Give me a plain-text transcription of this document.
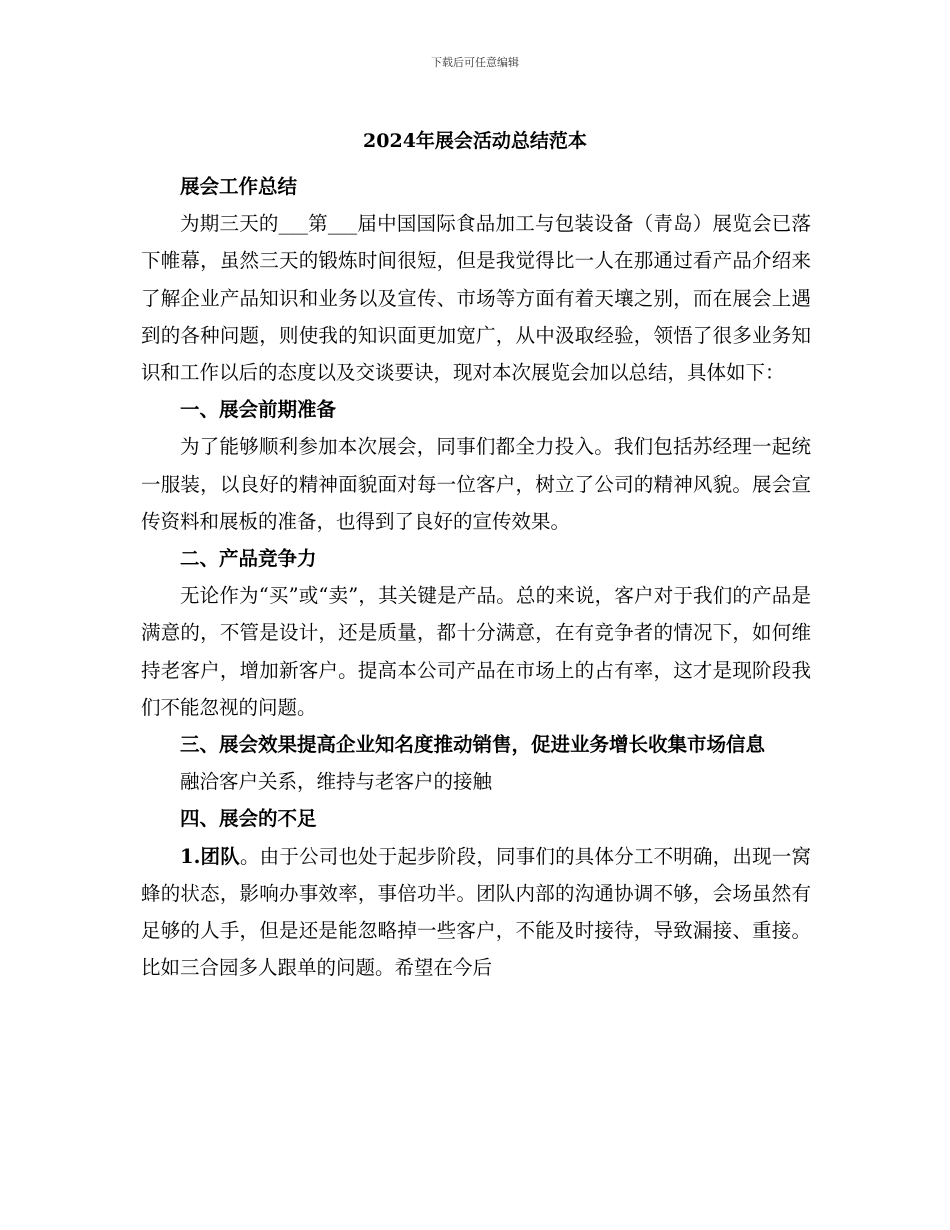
下载后可任意编辑
2024年展会活动总结范本

展会工作总结

为期三天的___第___届中国国际食品加工与包装设备（青岛）展览会已落下帷幕，虽然三天的锻炼时间很短，但是我觉得比一人在那通过看产品介绍来了解企业产品知识和业务以及宣传、市场等方面有着天壤之别，而在展会上遇到的各种问题，则使我的知识面更加宽广，从中汲取经验，领悟了很多业务知识和工作以后的态度以及交谈要诀，现对本次展览会加以总结，具体如下：

一、展会前期准备

为了能够顺利参加本次展会，同事们都全力投入。我们包括苏经理一起统一服装，以良好的精神面貌面对每一位客户，树立了公司的精神风貌。展会宣传资料和展板的准备，也得到了良好的宣传效果。

二、产品竞争力

无论作为“买”或“卖”，其关键是产品。总的来说，客户对于我们的产品是满意的，不管是设计，还是质量，都十分满意，在有竞争者的情况下，如何维持老客户，增加新客户。提高本公司产品在市场上的占有率，这才是现阶段我们不能忽视的问题。

三、展会效果提高企业知名度推动销售，促进业务增长收集市场信息

融洽客户关系，维持与老客户的接触

四、展会的不足

1.团队。由于公司也处于起步阶段，同事们的具体分工不明确，出现一窝蜂的状态，影响办事效率，事倍功半。团队内部的沟通协调不够，会场虽然有足够的人手，但是还是能忽略掉一些客户，不能及时接待，导致漏接、重接。比如三合园多人跟单的问题。希望在今后
